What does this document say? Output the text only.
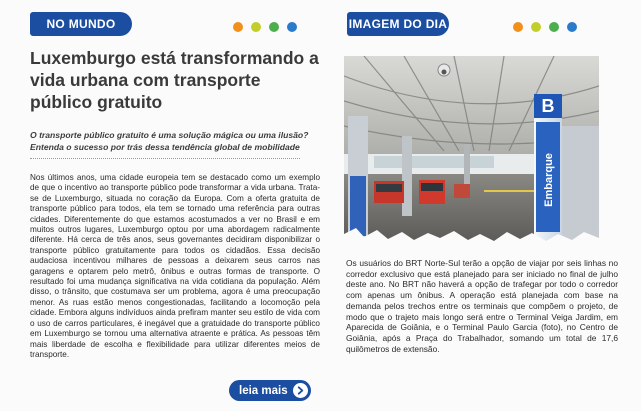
NO MUNDO
Luxemburgo está transformando a vida urbana com transporte público gratuito

O transporte público gratuito é uma solução mágica ou uma ilusão? Entenda o sucesso por trás dessa tendência global de mobilidade

Nos últimos anos, uma cidade europeia tem se destacado como um exemplo de que o incentivo ao transporte público pode transformar a vida urbana. Trata-se de Luxemburgo, situada no coração da Europa. Com a oferta gratuita de transporte público para todos, ela tem se tornado uma referência para outras cidades. Diferentemente do que estamos acostumados a ver no Brasil e em muitos outros lugares, Luxemburgo optou por uma abordagem radicalmente diferente. Há cerca de três anos, seus governantes decidiram disponibilizar o transporte público gratuitamente para todos os cidadãos. Essa decisão audaciosa incentivou milhares de pessoas a deixarem seus carros nas garagens e optarem pelo metrô, ônibus e outras formas de transporte. O resultado foi uma mudança significativa na vida cotidiana da população. Além disso, o trânsito, que costumava ser um problema, agora é uma preocupação menor. As ruas estão menos congestionadas, facilitando a locomoção pela cidade. Embora alguns indivíduos ainda prefiram manter seu estilo de vida com o uso de carros particulares, é inegável que a gratuidade do transporte público em Luxemburgo se tornou uma alternativa atraente e prática. As pessoas têm mais liberdade de escolha e flexibilidade para utilizar diferentes meios de transporte.

leia mais
IMAGEM DO DIA
B
Embarque

Os usuários do BRT Norte-Sul terão a opção de viajar por seis linhas no corredor exclusivo que está planejado para ser iniciado no final de julho deste ano. No BRT não haverá a opção de trafegar por todo o corredor com apenas um ônibus. A operação está planejada com base na demanda pelos trechos entre os terminais que compõem o projeto, de modo que o trajeto mais longo será entre o Terminal Veiga Jardim, em Aparecida de Goiânia, e o Terminal Paulo Garcia (foto), no Centro de Goiânia, após a Praça do Trabalhador, somando um total de 17,6 quilômetros de extensão.
